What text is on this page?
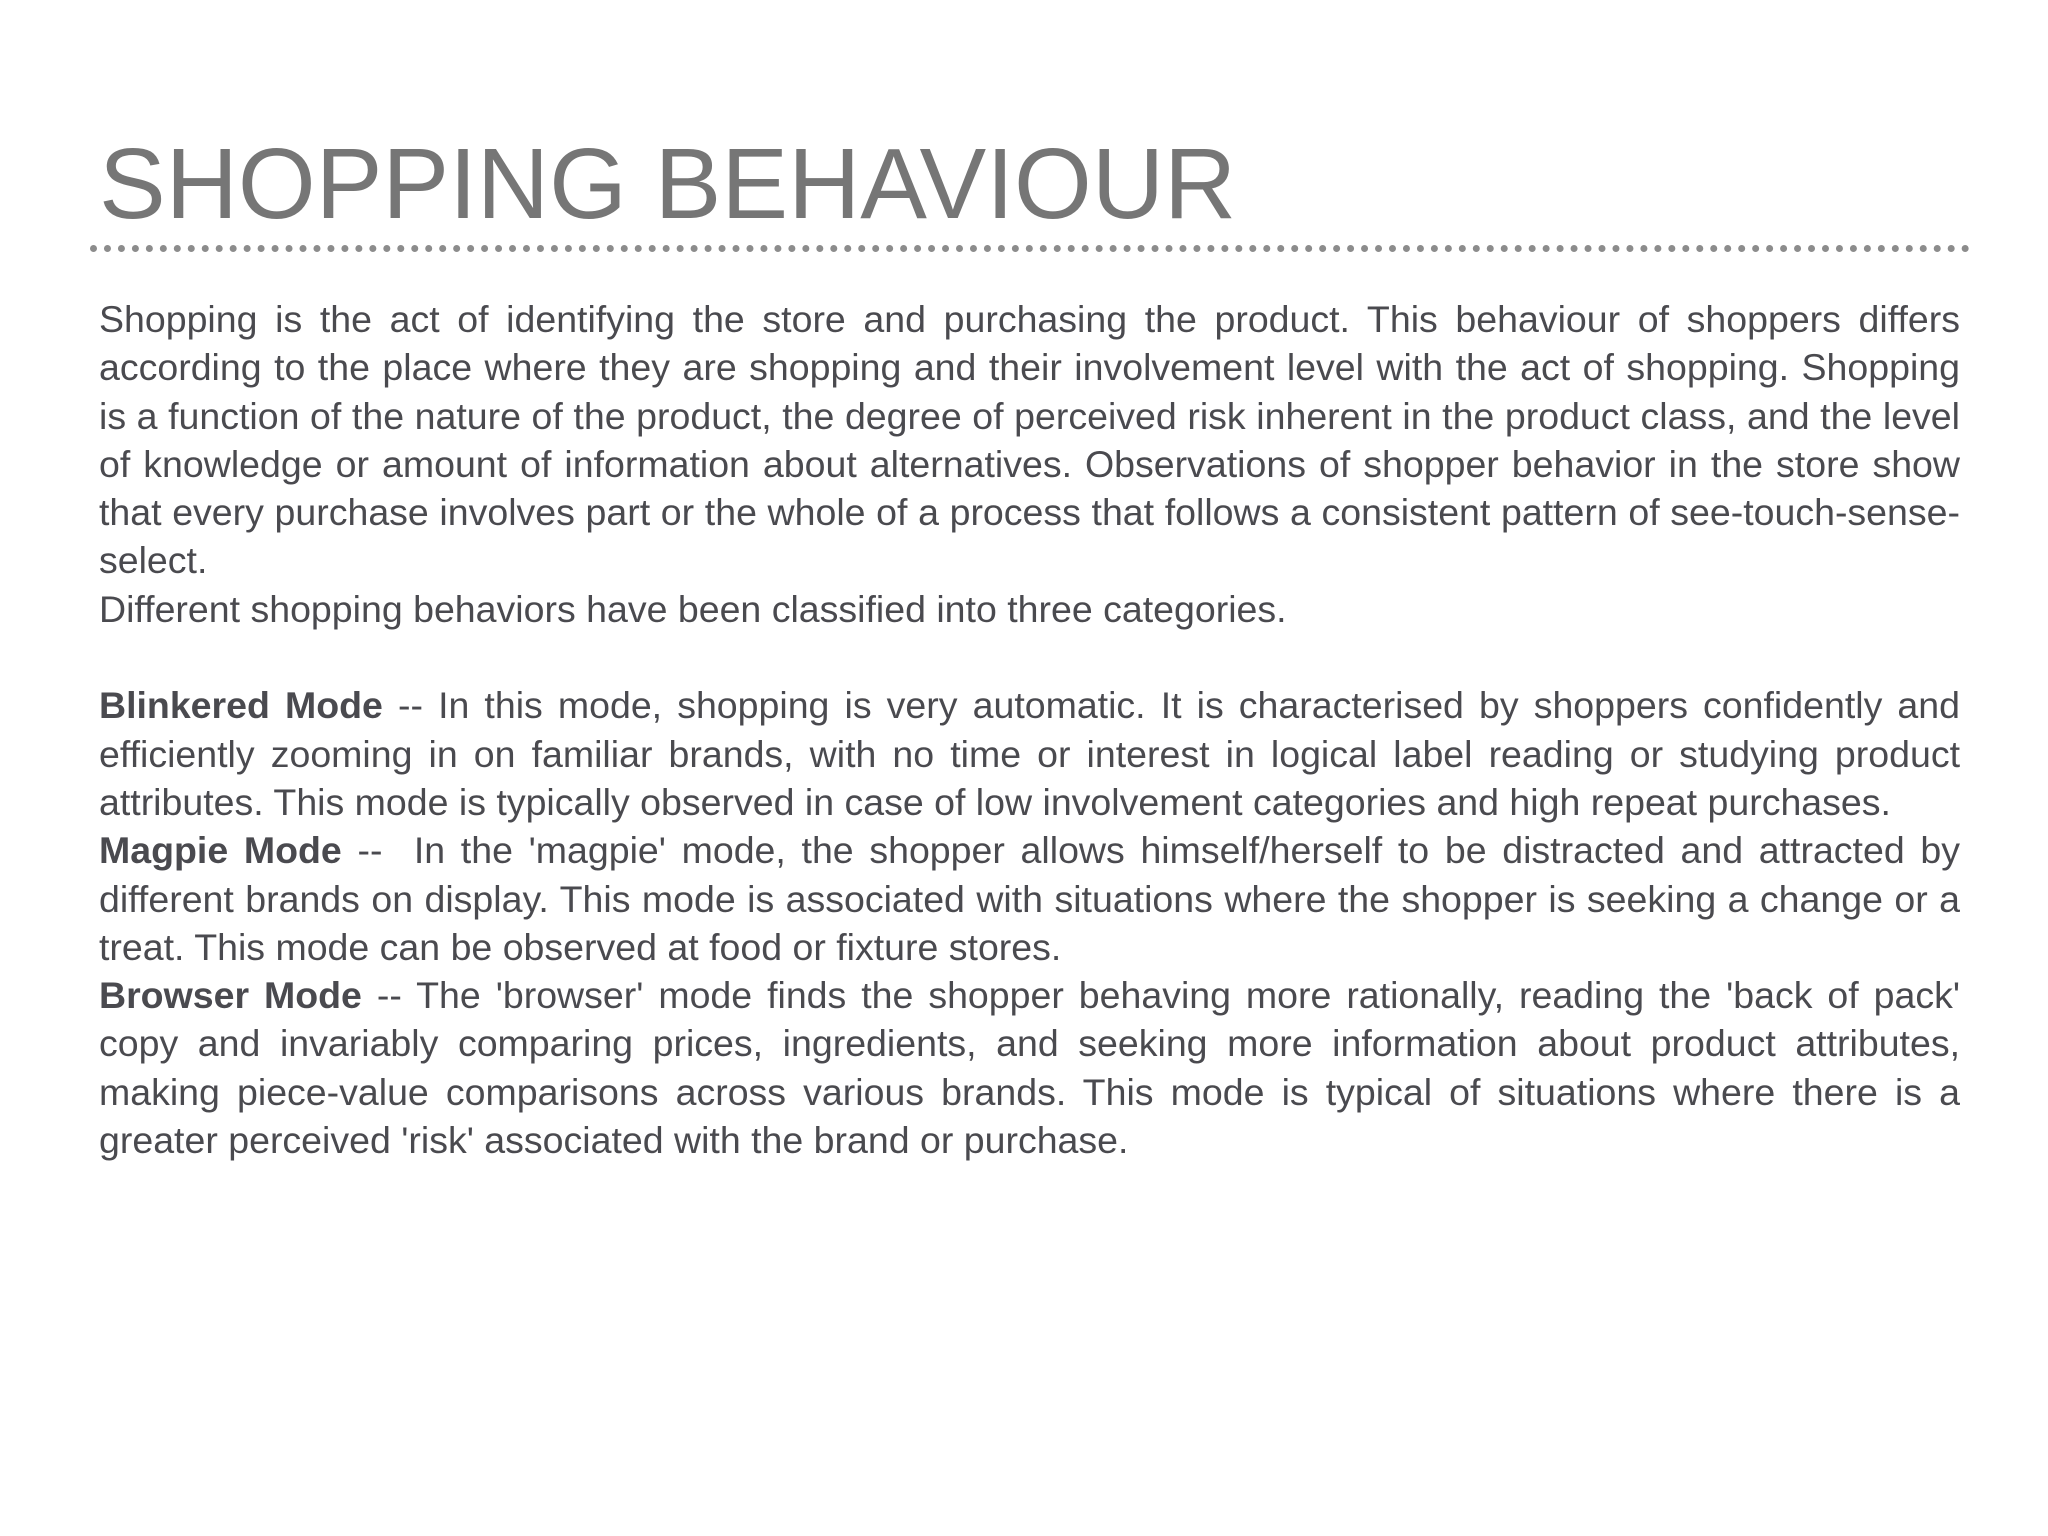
SHOPPING BEHAVIOUR

Shopping is the act of identifying the store and purchasing the product. This behaviour of shoppers differs according to the place where they are shopping and their involvement level with the act of shopping. Shopping is a function of the nature of the product, the degree of perceived risk inherent in the product class, and the level of knowledge or amount of information about alternatives. Observations of shopper behavior in the store show that every purchase involves part or the whole of a process that follows a consistent pattern of see-touch-sense-select.

Different shopping behaviors have been classified into three categories.

Blinkered Mode -- In this mode, shopping is very automatic. It is characterised by shoppers confidently and efficiently zooming in on familiar brands, with no time or interest in logical label reading or studying product attributes. This mode is typically observed in case of low involvement categories and high repeat purchases.

Magpie Mode --  In the 'magpie' mode, the shopper allows himself/herself to be distracted and attracted by different brands on display. This mode is associated with situations where the shopper is seeking a change or a treat. This mode can be observed at food or fixture stores.

Browser Mode -- The 'browser' mode finds the shopper behaving more rationally, reading the 'back of pack' copy and invariably comparing prices, ingredients, and seeking more information about product attributes, making piece-value comparisons across various brands. This mode is typical of situations where there is a greater perceived 'risk' associated with the brand or purchase.
